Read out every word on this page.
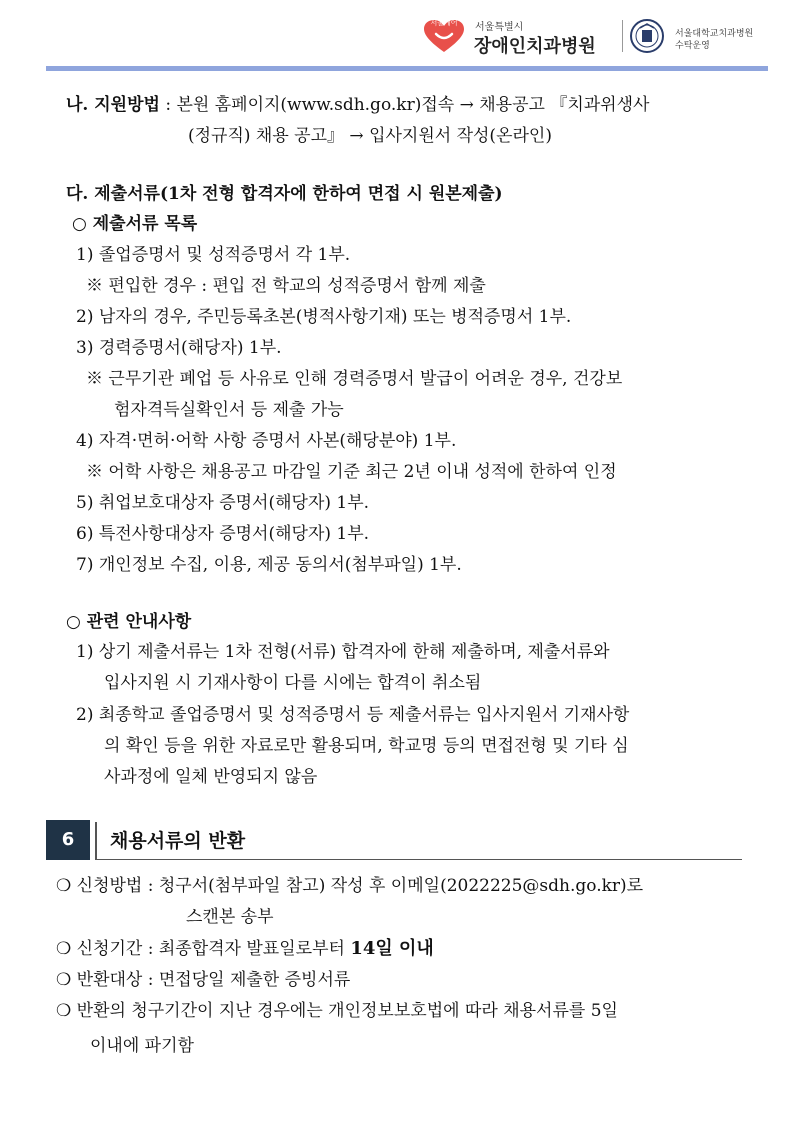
서울케어	서울특별시
장애인치과병원
서울대학교치과병원
수탁운영
나. 지원방법 : 본원 홈페이지(www.sdh.go.kr)접속 → 채용공고 『치과위생사
(정규직) 채용 공고』 → 입사지원서 작성(온라인)
다. 제출서류(1차 전형 합격자에 한하여 면접 시 원본제출)
○ 제출서류 목록
1) 졸업증명서 및 성적증명서 각 1부.
※ 편입한 경우 : 편입 전 학교의 성적증명서 함께 제출
2) 남자의 경우, 주민등록초본(병적사항기재) 또는 병적증명서 1부.
3) 경력증명서(해당자) 1부.
※ 근무기관 폐업 등 사유로 인해 경력증명서 발급이 어려운 경우, 건강보
험자격득실확인서 등 제출 가능
4) 자격·면허·어학 사항 증명서 사본(해당분야) 1부.
※ 어학 사항은 채용공고 마감일 기준 최근 2년 이내 성적에 한하여 인정
5) 취업보호대상자 증명서(해당자) 1부.
6) 특전사항대상자 증명서(해당자) 1부.
7) 개인정보 수집, 이용, 제공 동의서(첨부파일) 1부.
○ 관련 안내사항
1) 상기 제출서류는 1차 전형(서류) 합격자에 한해 제출하며, 제출서류와
입사지원 시 기재사항이 다를 시에는 합격이 취소됨
2) 최종학교 졸업증명서 및 성적증명서 등 제출서류는 입사지원서 기재사항
의 확인 등을 위한 자료로만 활용되며, 학교명 등의 면접전형 및 기타 심
사과정에 일체 반영되지 않음
6	채용서류의 반환
❍ 신청방법 : 청구서(첨부파일 참고) 작성 후 이메일(2022225@sdh.go.kr)로
스캔본 송부
❍ 신청기간 : 최종합격자 발표일로부터 14일 이내
❍ 반환대상 : 면접당일 제출한 증빙서류
❍ 반환의 청구기간이 지난 경우에는 개인정보보호법에 따라 채용서류를 5일
이내에 파기함
